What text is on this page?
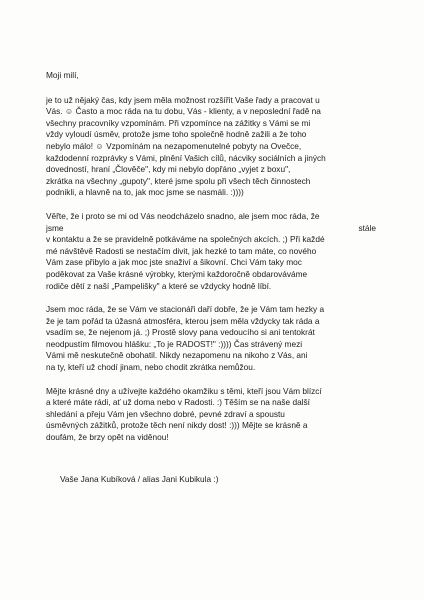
Moji milí,
je to už nějaký čas, kdy jsem měla možnost rozšířit Vaše řady a pracovat u
Vás. ☺ Často a moc ráda na tu dobu, Vás - klienty, a v neposlední řadě na
všechny pracovníky vzpomínám. Při vzpomínce na zážitky s Vámi se mi
vždy vyloudí úsměv, protože jsme toho společně hodně zažili a že toho
nebylo málo! ☺ Vzpomínám na nezapomenutelné pobyty na Ovečce,
každodenní rozprávky s Vámi, plnění Vašich cílů, nácviky sociálních a jiných
dovedností, hraní „Člověče", kdy mi nebylo dopřáno „vyjet z boxu",
zkrátka na všechny „gupoty", které jsme spolu při všech těch činnostech
podnikli, a hlavně na to, jak moc jsme se nasmáli. :))))
Věřte, že i proto se mi od Vás neodcházelo snadno, ale jsem moc ráda, že
jsme	stále
v kontaktu a že se pravidelně potkáváme na společných akcích. ;) Při každé
mé návštěvě Radosti se nestačím divit, jak hezké to tam máte, co nového
Vám zase přibylo a jak moc jste snaživí a šikovní. Chci Vám taky moc
poděkovat za Vaše krásné výrobky, kterými každoročně obdarováváme
rodiče dětí z naší „Pampelišky" a které se vždycky hodně líbí.
Jsem moc ráda, že se Vám ve stacionáři daří dobře, že je Vám tam hezky a
že je tam pořád ta úžasná atmosféra, kterou jsem měla vždycky tak ráda a
vsadím se, že nejenom já. ;) Prostě slovy pana vedoucího si ani tentokrát
neodpustím filmovou hlášku: „To je RADOST!" :)))) Čas strávený mezi
Vámi mě neskutečně obohatil. Nikdy nezapomenu na nikoho z Vás, ani
na ty, kteří už chodí jinam, nebo chodit zkrátka nemůžou.
Mějte krásné dny a užívejte každého okamžiku s těmi, kteří jsou Vám blízcí
a které máte rádi, ať už doma nebo v Radosti. :) Těším se na naše další
shledání a přeju Vám jen všechno dobré, pevné zdraví a spoustu
úsměvných zážitků, protože těch není nikdy dost! :))) Mějte se krásně a
doufám, že brzy opět na viděnou!
Vaše Jana Kubíková / alias Jani Kubikula :)
